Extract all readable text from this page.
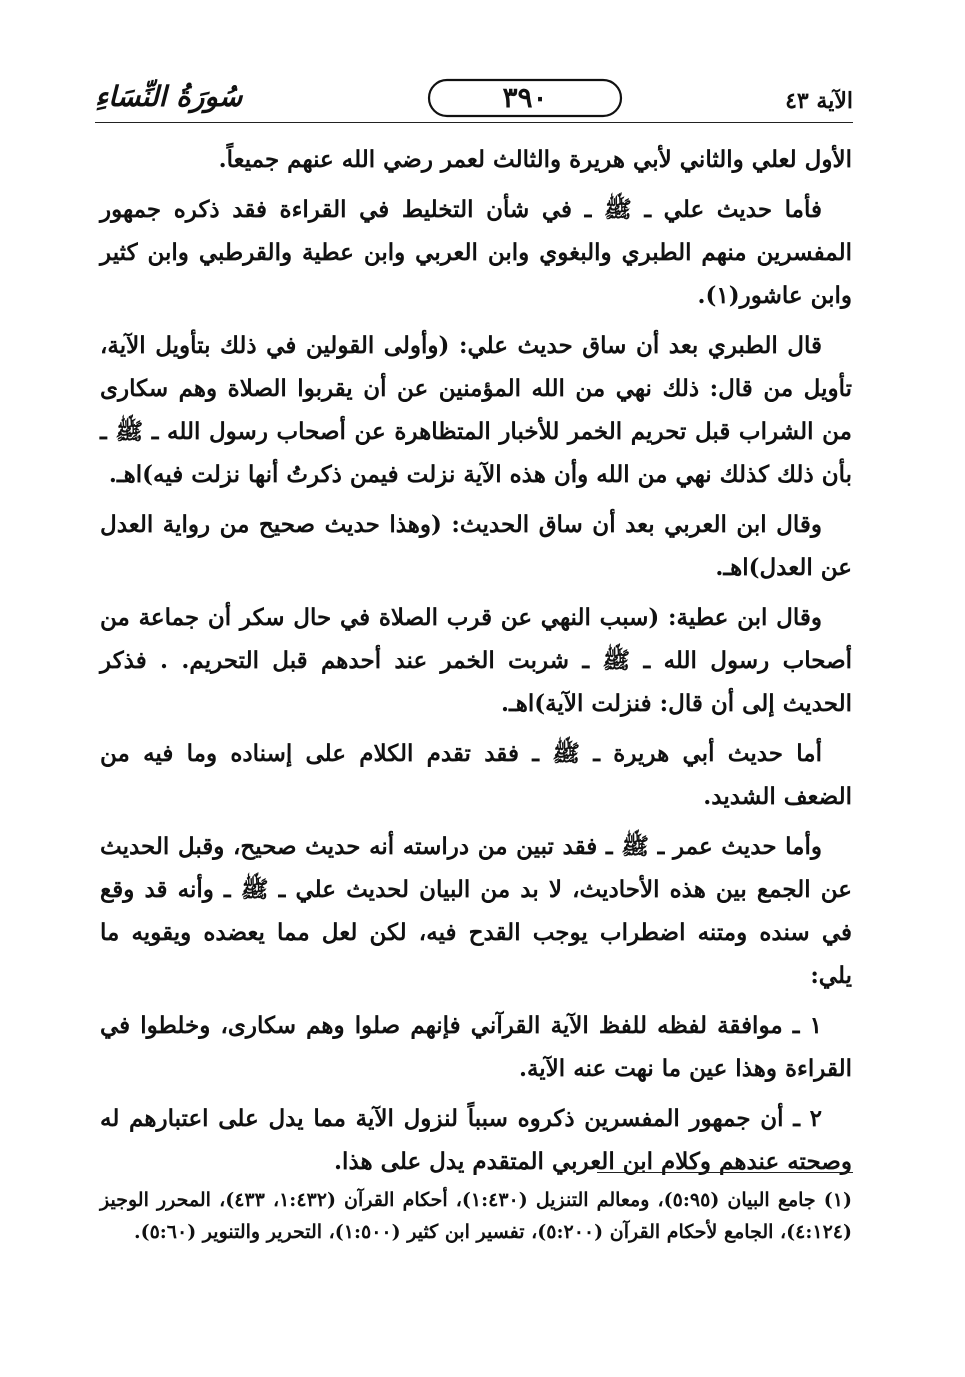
الآية ٤٣
٣٩٠
سُورَةُ النِّسَاءِ

الأول لعلي والثاني لأبي هريرة والثالث لعمر رضي الله عنهم جميعاً.

فأما حديث علي ـ ﷺ ـ في شأن التخليط في القراءة فقد ذكره جمهور المفسرين منهم الطبري والبغوي وابن العربي وابن عطية والقرطبي وابن كثير وابن عاشور(١).

قال الطبري بعد أن ساق حديث علي: (وأولى القولين في ذلك بتأويل الآية، تأويل من قال: ذلك نهي من الله المؤمنين عن أن يقربوا الصلاة وهم سكارى من الشراب قبل تحريم الخمر للأخبار المتظاهرة عن أصحاب رسول الله ـ ﷺ ـ بأن ذلك كذلك نهي من الله وأن هذه الآية نزلت فيمن ذكرتُ أنها نزلت فيه)اهـ.

وقال ابن العربي بعد أن ساق الحديث: (وهذا حديث صحيح من رواية العدل عن العدل)اهـ.

وقال ابن عطية: (سبب النهي عن قرب الصلاة في حال سكر أن جماعة من أصحاب رسول الله ـ ﷺ ـ شربت الخمر عند أحدهم قبل التحريم. . فذكر الحديث إلى أن قال: فنزلت الآية)اهـ.

أما حديث أبي هريرة ـ ﷺ ـ فقد تقدم الكلام على إسناده وما فيه من الضعف الشديد.

وأما حديث عمر ـ ﷺ ـ فقد تبين من دراسته أنه حديث صحيح، وقبل الحديث عن الجمع بين هذه الأحاديث، لا بد من البيان لحديث علي ـ ﷺ ـ وأنه قد وقع في سنده ومتنه اضطراب يوجب القدح فيه، لكن لعل مما يعضده ويقويه ما يلي:

١ ـ موافقة لفظه للفظ الآية القرآني فإنهم صلوا وهم سكارى، وخلطوا في القراءة وهذا عين ما نهت عنه الآية.

٢ ـ أن جمهور المفسرين ذكروه سبباً لنزول الآية مما يدل على اعتبارهم له وصحته عندهم وكلام ابن العربي المتقدم يدل على هذا.

(١) جامع البيان (٥:٩٥)، ومعالم التنزيل (١:٤٣٠)، أحكام القرآن (١:٤٣٢، ٤٣٣)، المحرر الوجيز (٤:١٢٤)، الجامع لأحكام القرآن (٥:٢٠٠)، تفسير ابن كثير (١:٥٠٠)، التحرير والتنوير (٥:٦٠).
